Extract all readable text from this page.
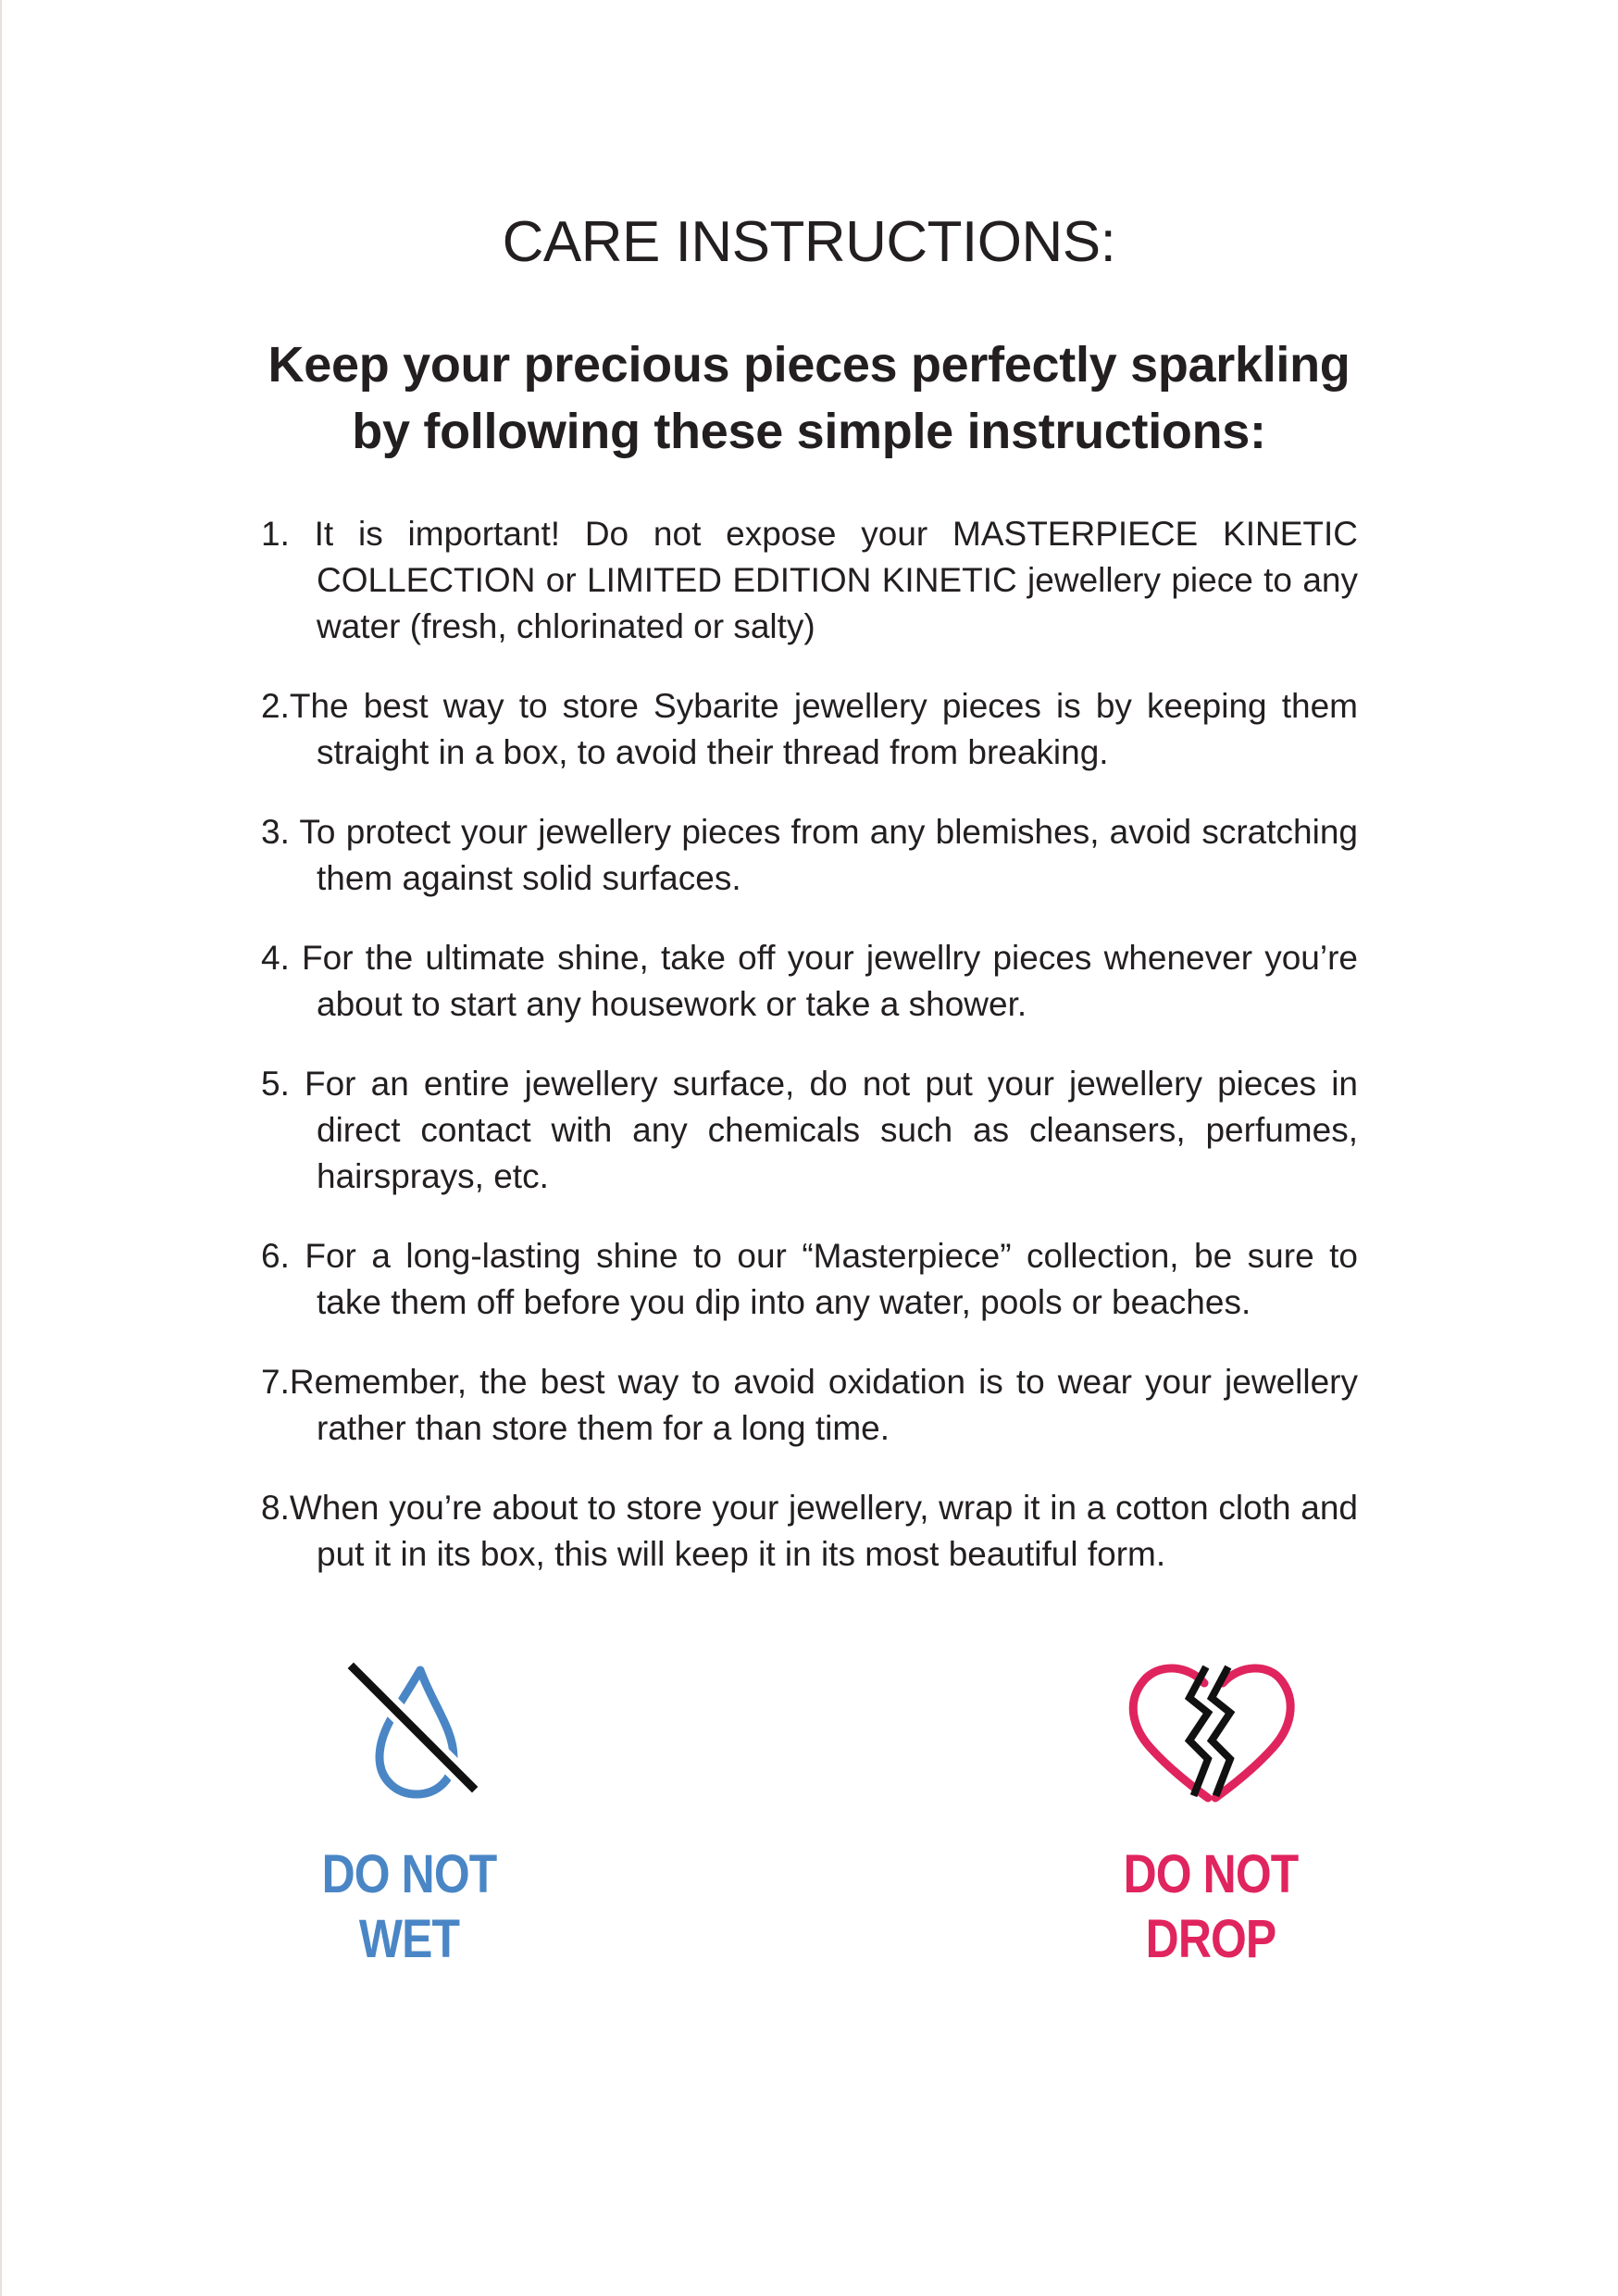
CARE INSTRUCTIONS:
Keep your precious pieces perfectly sparkling
by following these simple instructions:
1. It is important! Do not expose your MASTERPIECE KINETIC COLLECTION or LIMITED EDITION KINETIC jewellery piece to any water (fresh, chlorinated or salty)
2.The best way to store Sybarite jewellery pieces is by keeping them straight in a box, to avoid their thread from breaking.
3. To protect your jewellery pieces from any blemishes, avoid scratching them against solid surfaces.
4. For the ultimate shine, take off your jewellry pieces whenever you’re about to start any housework or take a shower.
5. For an entire jewellery surface, do not put your jewellery pieces in direct contact with any chemicals such as cleansers, perfumes, hairsprays, etc.
6. For a long-lasting shine to our “Masterpiece” collection, be sure to take them off before you dip into any water, pools or beaches.
7.Remember, the best way to avoid oxidation is to wear your jewellery rather than store them for a long time.
8.When you’re about to store your jewellery, wrap it in a cotton cloth and put it in its box, this will keep it in its most beautiful form.
DO NOT WET
DO NOT DROP
